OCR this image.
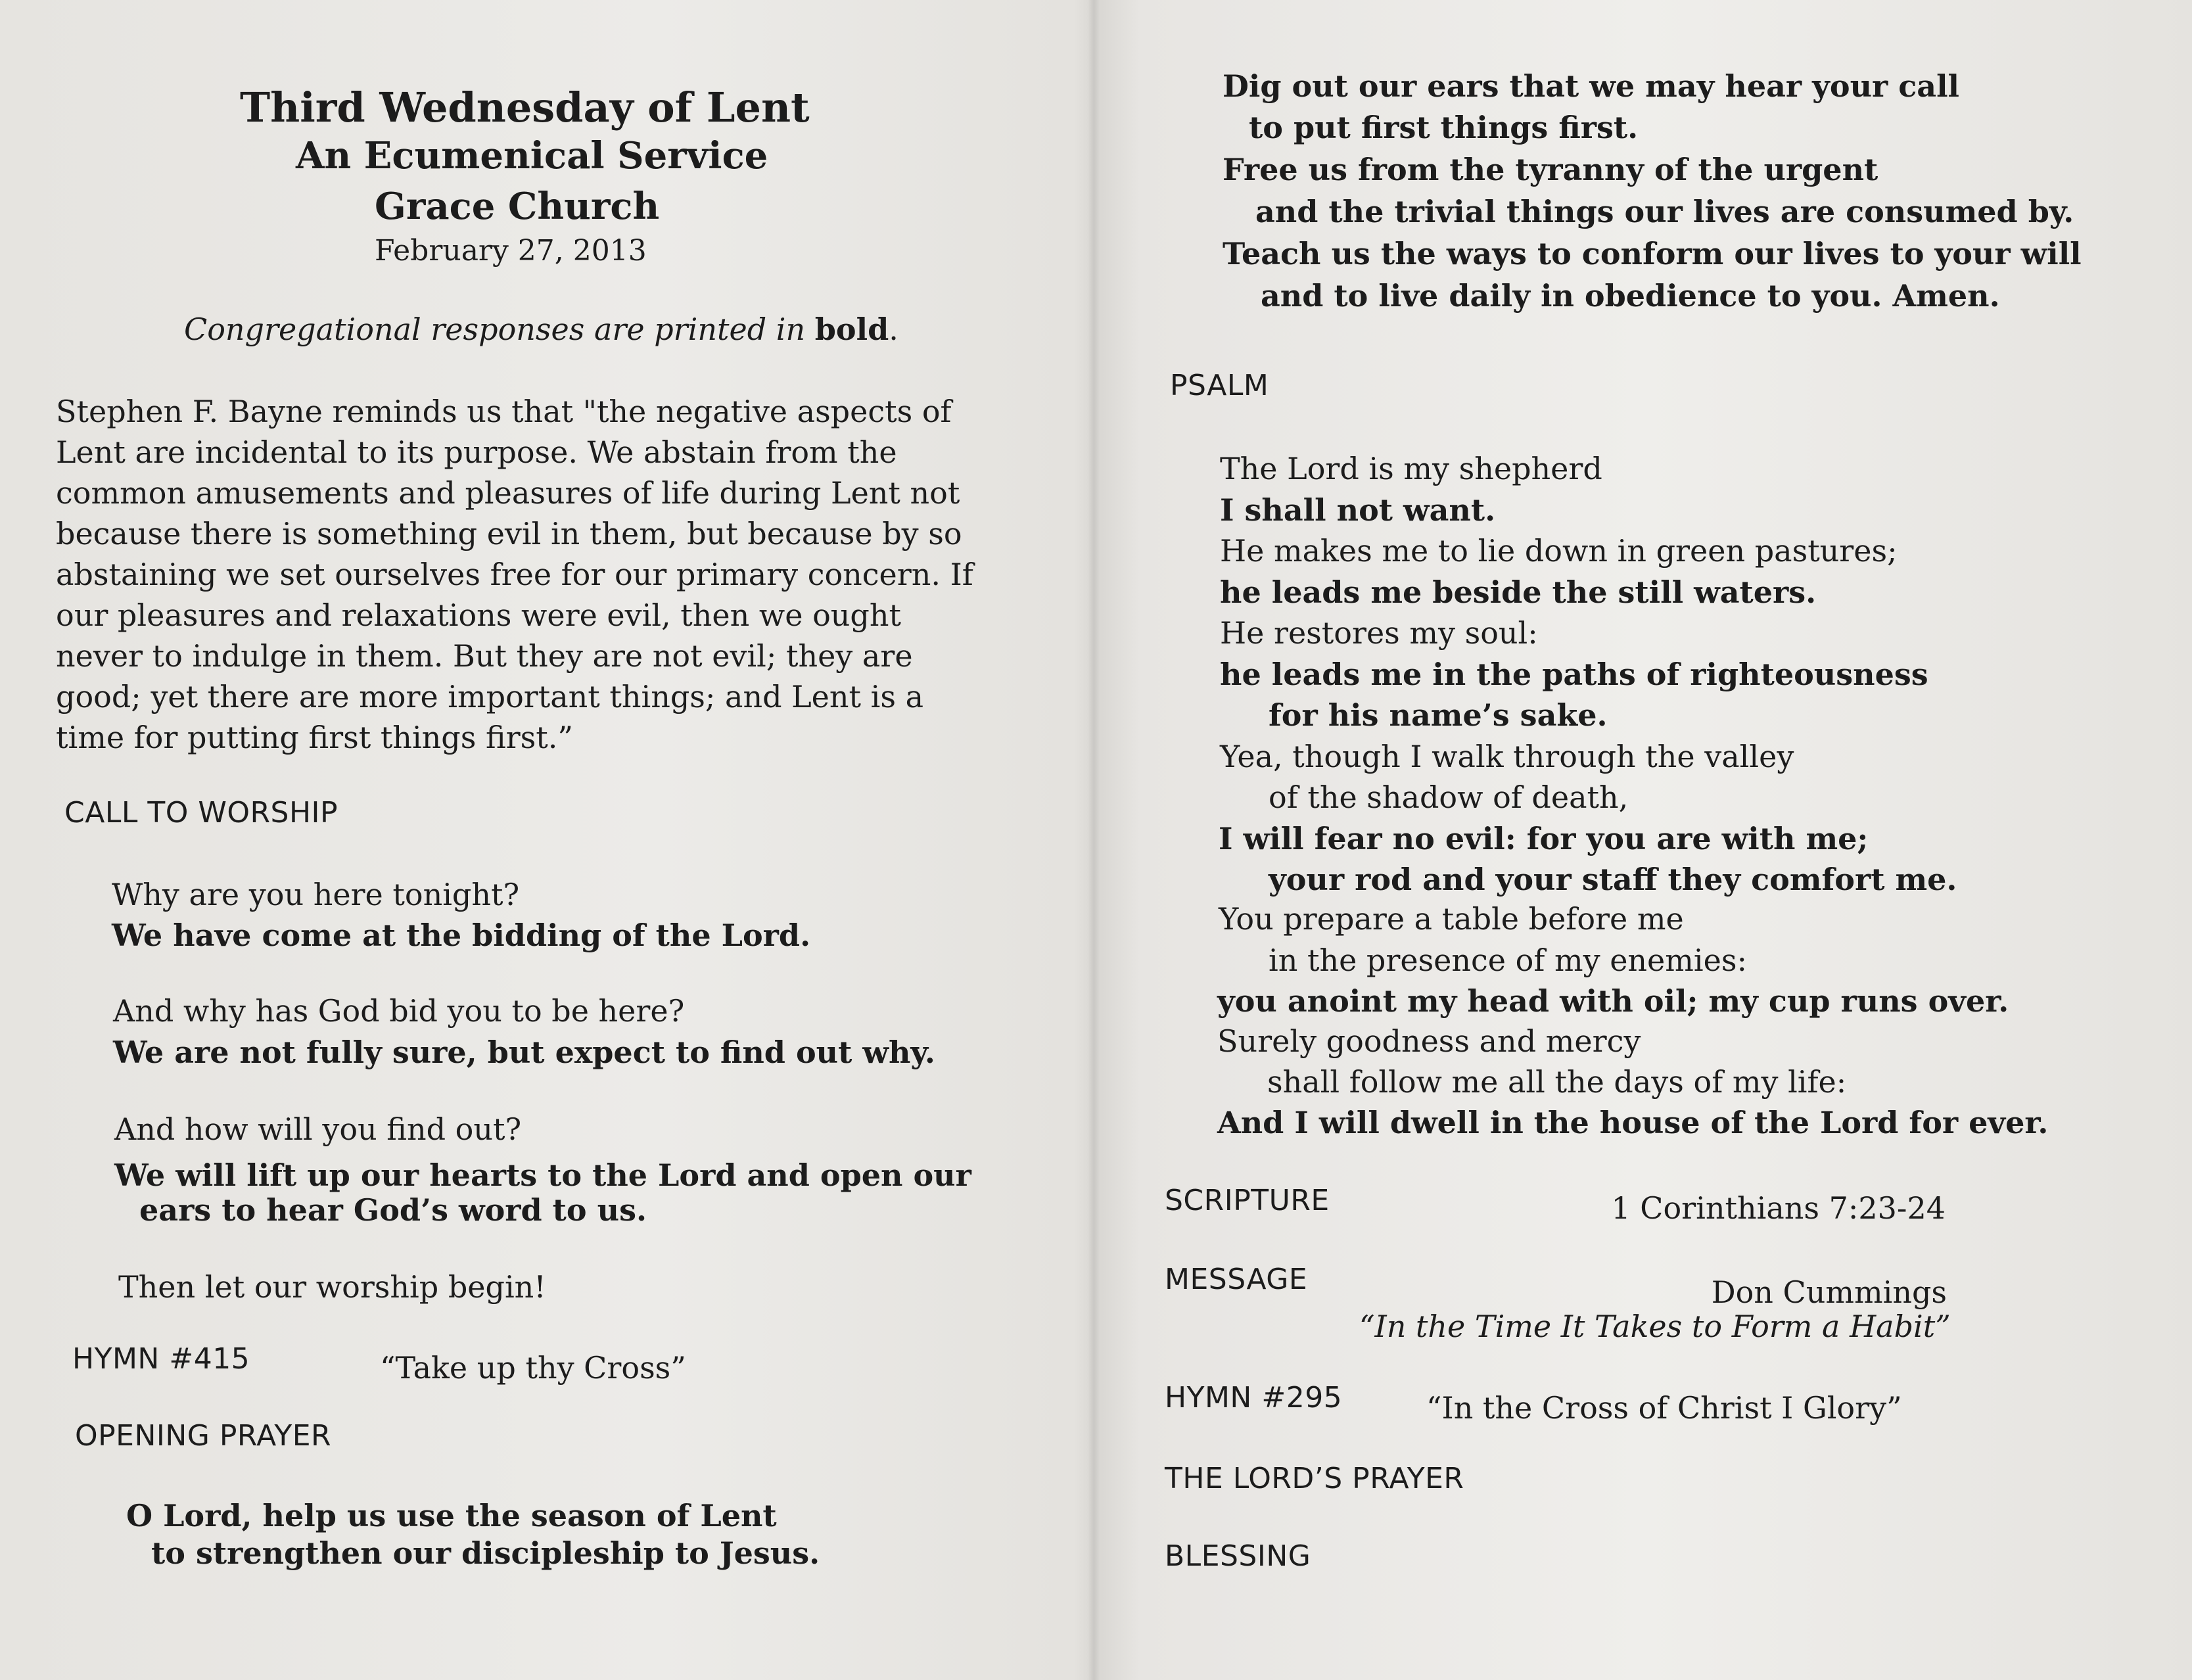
Third Wednesday of Lent
An Ecumenical Service
Grace Church
February 27, 2013
Congregational responses are printed in bold.
Stephen F. Bayne reminds us that "the negative aspects of Lent are incidental to its purpose. We abstain from the common amusements and pleasures of life during Lent not because there is something evil in them, but because by so abstaining we set ourselves free for our primary concern. If our pleasures and relaxations were evil, then we ought never to indulge in them. But they are not evil; they are good; yet there are more important things; and Lent is a time for putting first things first.”
CALL TO WORSHIP
Why are you here tonight?
We have come at the bidding of the Lord.
And why has God bid you to be here?
We are not fully sure, but expect to find out why.
And how will you find out?
We will lift up our hearts to the Lord and open our
ears to hear God’s word to us.
Then let our worship begin!
HYMN #415	“Take up thy Cross”
OPENING PRAYER
O Lord, help us use the season of Lent
to strengthen our discipleship to Jesus.
Dig out our ears that we may hear your call
to put first things first.
Free us from the tyranny of the urgent
and the trivial things our lives are consumed by.
Teach us the ways to conform our lives to your will
and to live daily in obedience to you. Amen.
PSALM
The Lord is my shepherd
I shall not want.
He makes me to lie down in green pastures;
he leads me beside the still waters.
He restores my soul:
he leads me in the paths of righteousness
for his name’s sake.
Yea, though I walk through the valley
of the shadow of death,
I will fear no evil: for you are with me;
your rod and your staff they comfort me.
You prepare a table before me
in the presence of my enemies:
you anoint my head with oil; my cup runs over.
Surely goodness and mercy
shall follow me all the days of my life:
And I will dwell in the house of the Lord for ever.
SCRIPTURE	1 Corinthians 7:23-24
MESSAGE	Don Cummings
“In the Time It Takes to Form a Habit”
HYMN #295	“In the Cross of Christ I Glory”
THE LORD’S PRAYER
BLESSING
